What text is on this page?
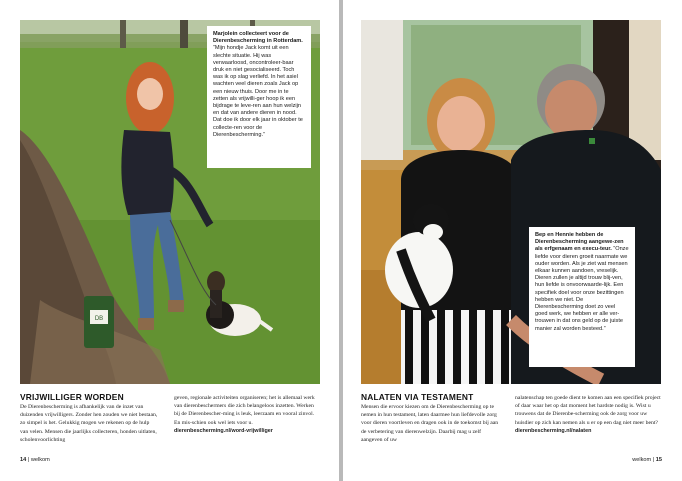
DB
Marjolein collecteert voor de Dierenbescherming in Rotterdam. “Mijn hondje Jack komt uit een slechte situatie. Hij was verwaarloosd, oncontroleer-baar druk en niet gesocialiseerd. Toch was ik op slag verliefd. In het asiel wachten veel dieren zoals Jack op een nieuw thuis. Door me in te zetten als vrijwilli-ger hoop ik een bijdrage te leve-ren aan hun welzijn en dat van andere dieren in nood. Dat doe ik door elk jaar in oktober te collecte-ren voor de Dierenbescherming.”
VRIJWILLIGER WORDEN
De Dierenbescherming is afhankelijk van de inzet van duizenden vrijwilligers. Zonder hen zouden we niet bestaan, zo simpel is het. Gelukkig mogen we rekenen op de hulp van velen. Mensen die jaarlijks collecteren, honden uitlaten, scholenvoorlichting
geven, regionale activiteiten organiseren; het is allemaal werk van dierenbeschermers die zich belangeloos inzetten. Werken bij de Dierenbescher-ming is leuk, leerzaam en vooral zinvol. En mis-schien ook wel iets voor u.
dierenbescherming.nl/word-vrijwilliger
14 | welkom
Bep en Hennie hebben de Dierenbescherming aangewe-zen als erfgenaam en execu-teur. “Onze liefde voor dieren groeit naarmate we ouder worden. Als je ziet wat mensen elkaar kunnen aandoen, vreselijk. Dieren zullen je altijd trouw blij-ven, hun liefde is onvoorwaarde-lijk. Een specifiek doel voor onze bezittingen hebben we niet. De Dierenbescherming doet zo veel goed werk, we hebben er alle ver-trouwen in dat ons geld op de juiste manier zal worden besteed.”
NALATEN VIA TESTAMENT
Mensen die ervoor kiezen om de Dierenbescherming op te nemen in hun testament, laten daarmee hun liefdevolle zorg voor dieren voortleven en dragen ook in de toekomst bij aan de verbetering van dierenwelzijn. Daarbij mag u zelf aangeven of uw
nalatenschap ten goede dient te komen aan een specifiek project of daar waar het op dat moment het hardste nodig is. Wist u trouwens dat de Dierenbe-scherming ook de zorg voor uw huisdier op zich kan nemen als u er op een dag niet meer bent?
dierenbescherming.nl/nalaten
welkom | 15
